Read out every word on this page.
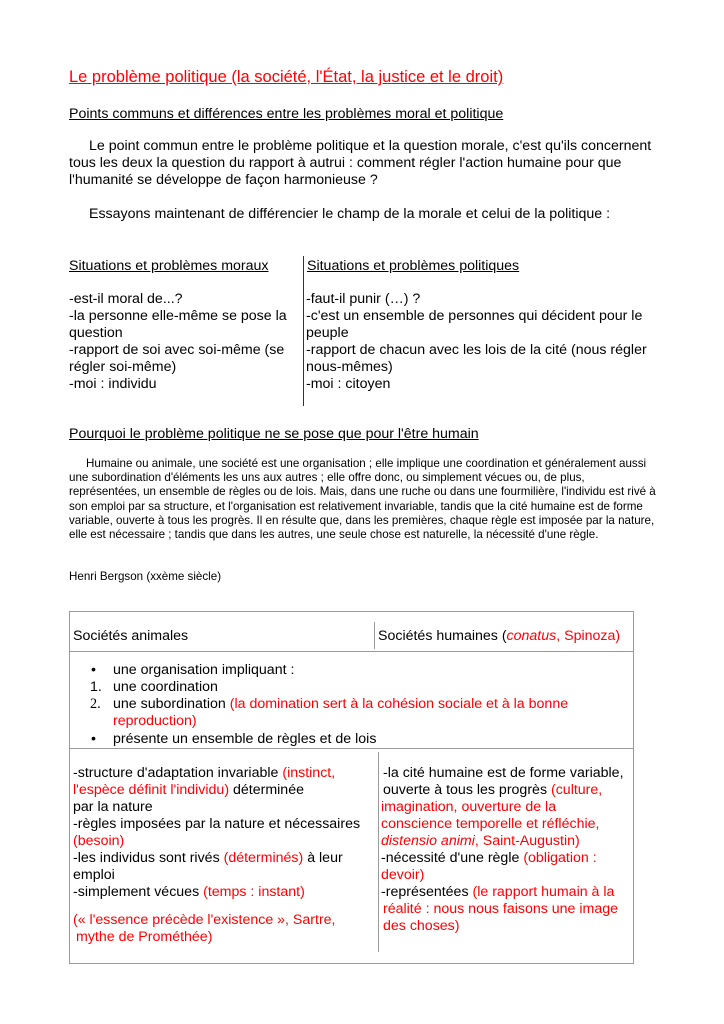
Le problème politique (la société, l'État, la justice et le droit)
Points communs et différences entre les problèmes moral et politique
Le point commun entre le problème politique et la question morale, c'est qu'ils concernent tous les deux la question du rapport à autrui : comment régler l'action humaine pour que l'humanité se développe de façon harmonieuse ?
Essayons maintenant de différencier le champ de la morale et celui de la politique :
Situations et problèmes moraux	Situations et problèmes politiques
-est-il moral de...?
-la personne elle-même se pose la question
-rapport de soi avec soi-même (se régler soi-même)
-moi : individu
-faut-il punir (…) ?
-c'est un ensemble de personnes qui décident pour le peuple
-rapport de chacun avec les lois de la cité (nous régler nous-mêmes)
-moi : citoyen
Pourquoi le problème politique ne se pose que pour l'être humain
Humaine ou animale, une société est une organisation ; elle implique une coordination et généralement aussi une subordination d'éléments les uns aux autres ; elle offre donc, ou simplement vécues ou, de plus, représentées, un ensemble de règles ou de lois. Mais, dans une ruche ou dans une fourmilière, l'individu est rivé à son emploi par sa structure, et l'organisation est relativement invariable, tandis que la cité humaine est de forme variable, ouverte à tous les progrès. Il en résulte que, dans les premières, chaque règle est imposée par la nature, elle est nécessaire ; tandis que dans les autres, une seule chose est naturelle, la nécessité d'une règle.
Henri Bergson (xxème siècle)
Sociétés animales	Sociétés humaines (conatus, Spinoza)
• une organisation impliquant :
1. une coordination
2. une subordination (la domination sert à la cohésion sociale et à la bonne reproduction)
• présente un ensemble de règles et de lois
-structure d'adaptation invariable (instinct,
l'espèce définit l'individu) déterminée
par la nature
-règles imposées par la nature et nécessaires
(besoin)
-les individus sont rivés (déterminés) à leur
emploi
-simplement vécues (temps : instant)
(« l'essence précède l'existence », Sartre,
mythe de Prométhée)
-la cité humaine est de forme variable,
ouverte à tous les progrès (culture,
imagination, ouverture de la
conscience temporelle et réfléchie,
distensio animi, Saint-Augustin)
-nécessité d'une règle (obligation :
devoir)
-représentées (le rapport humain à la
réalité : nous nous faisons une image
des choses)
